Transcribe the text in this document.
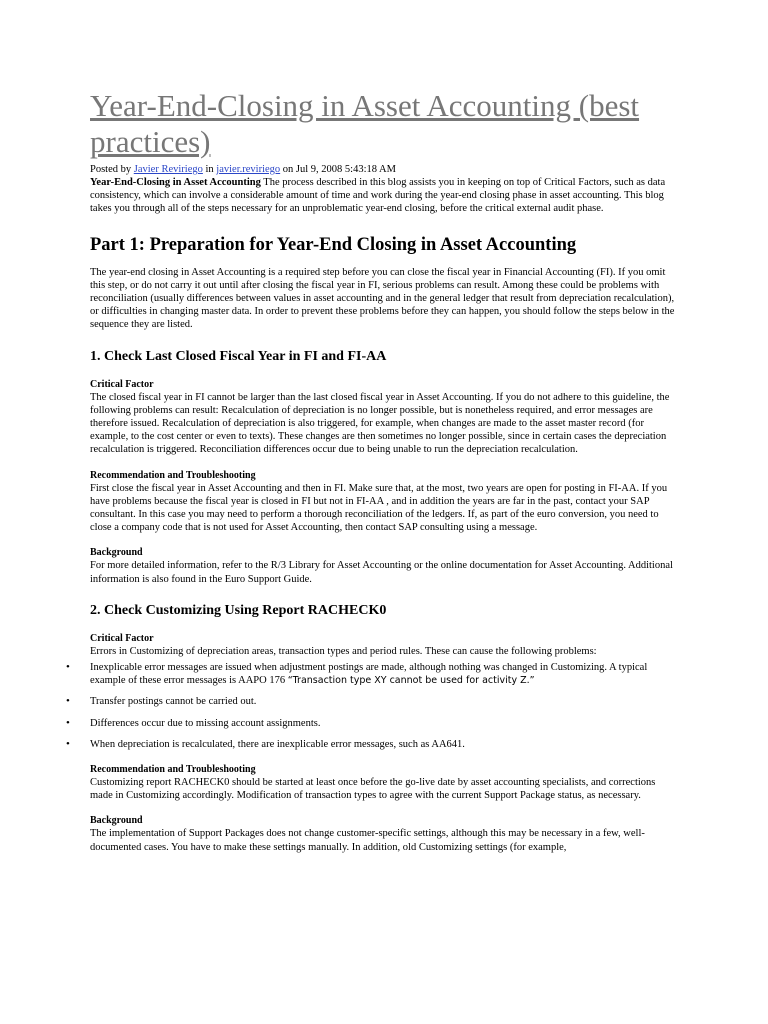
Year-End-Closing in Asset Accounting (best practices)
Posted by Javier Reviriego in javier.reviriego on Jul 9, 2008 5:43:18 AM

Year-End-Closing in Asset Accounting The process described in this blog assists you in keeping on top of Critical Factors, such as data consistency, which can involve a considerable amount of time and work during the year-end closing phase in asset accounting. This blog takes you through all of the steps necessary for an unproblematic year-end closing, before the critical external audit phase.

Part 1: Preparation for Year-End Closing in Asset Accounting

The year-end closing in Asset Accounting is a required step before you can close the fiscal year in Financial Accounting (FI). If you omit this step, or do not carry it out until after closing the fiscal year in FI, serious problems can result. Among these could be problems with reconciliation (usually differences between values in asset accounting and in the general ledger that result from depreciation recalculation), or difficulties in changing master data. In order to prevent these problems before they can happen, you should follow the steps below in the sequence they are listed.

1. Check Last Closed Fiscal Year in FI and FI-AA
Critical Factor

The closed fiscal year in FI cannot be larger than the last closed fiscal year in Asset Accounting. If you do not adhere to this guideline, the following problems can result: Recalculation of depreciation is no longer possible, but is nonetheless required, and error messages are therefore issued. Recalculation of depreciation is also triggered, for example, when changes are made to the asset master record (for example, to the cost center or even to texts). These changes are then sometimes no longer possible, since in certain cases the depreciation recalculation is triggered. Reconciliation differences occur due to being unable to run the depreciation recalculation.

Recommendation and Troubleshooting

First close the fiscal year in Asset Accounting and then in FI. Make sure that, at the most, two years are open for posting in FI-AA. If you have problems because the fiscal year is closed in FI but not in FI-AA , and in addition the years are far in the past, contact your SAP consultant. In this case you may need to perform a thorough reconciliation of the ledgers. If, as part of the euro conversion, you need to close a company code that is not used for Asset Accounting, then contact SAP consulting using a message.

Background

For more detailed information, refer to the R/3 Library for Asset Accounting or the online documentation for Asset Accounting. Additional information is also found in the Euro Support Guide.

2. Check Customizing Using Report RACHECK0
Critical Factor

Errors in Customizing of depreciation areas, transaction types and period rules. These can cause the following problems:

• Inexplicable error messages are issued when adjustment postings are made, although nothing was changed in Customizing. A typical example of these error messages is AAPO 176 “Transaction type XY cannot be used for activity Z.”
• Transfer postings cannot be carried out.
• Differences occur due to missing account assignments.
• When depreciation is recalculated, there are inexplicable error messages, such as AA641.
Recommendation and Troubleshooting

Customizing report RACHECK0 should be started at least once before the go-live date by asset accounting specialists, and corrections made in Customizing accordingly. Modification of transaction types to agree with the current Support Package status, as necessary.

Background

The implementation of Support Packages does not change customer-specific settings, although this may be necessary in a few, well-documented cases. You have to make these settings manually. In addition, old Customizing settings (for example,
